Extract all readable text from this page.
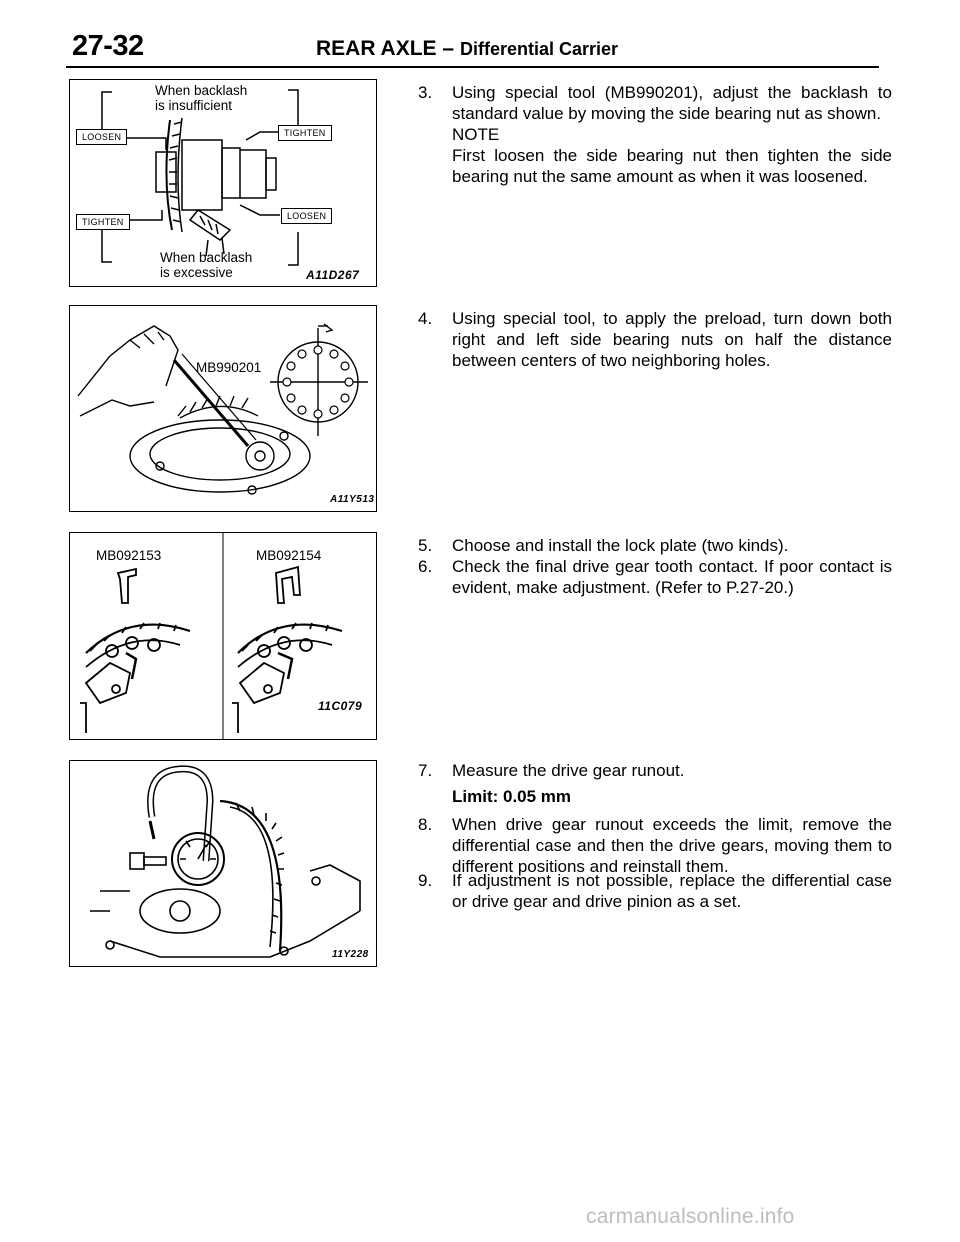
27-32	REAR AXLE – Differential Carrier
When backlash
is insufficient
When backlash
is excessive
LOOSEN
TIGHTEN
TIGHTEN
LOOSEN
A11D267
MB990201
A11Y513
MB092153	MB092154
11C079
11Y228
3.	Using special tool (MB990201), adjust the backlash to standard value by moving the side bearing nut as shown.
NOTE
First loosen the side bearing nut then tighten the side bearing nut the same amount as when it was loosened.
4.	Using special tool, to apply the preload, turn down both right and left side bearing nuts on half the distance between centers of two neighboring holes.
5.	Choose and install the lock plate (two kinds).
6.	Check the final drive gear tooth contact. If poor contact is evident, make adjustment. (Refer to P.27-20.)
7.	Measure the drive gear runout.
Limit: 0.05 mm
8.	When drive gear runout exceeds the limit, remove the differential case and then the drive gears, moving them to different positions and reinstall them.
9.	If adjustment is not possible, replace the differential case or drive gear and drive pinion as a set.
carmanualsonline.info
